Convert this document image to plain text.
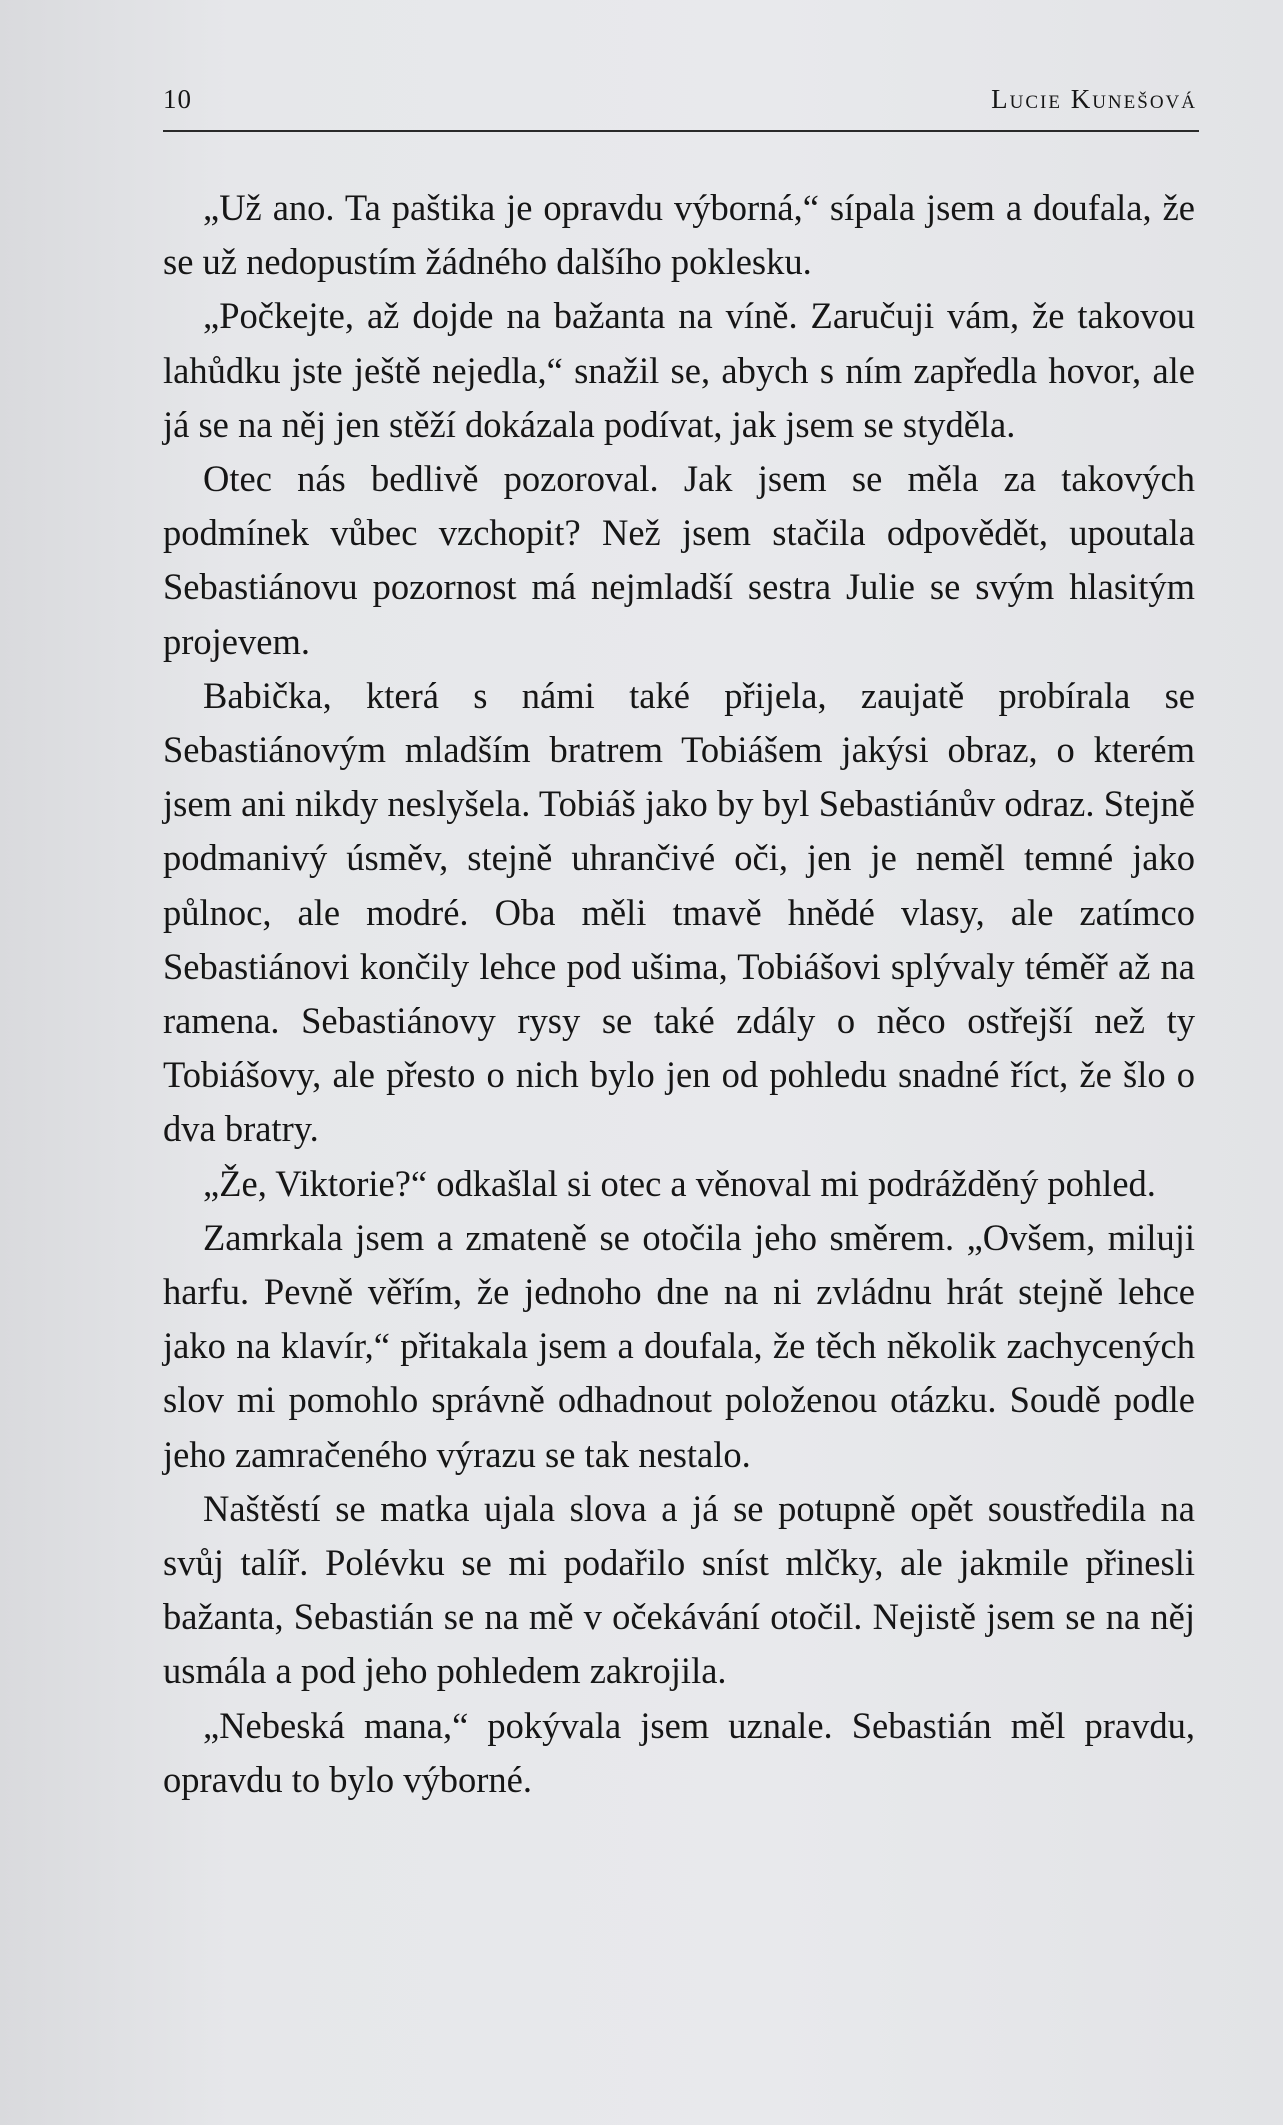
10	Lucie Kunešová

„Už ano. Ta paštika je opravdu výborná,“ sípala jsem a doufala, že se už nedopustím žádného dalšího poklesku.

„Počkejte, až dojde na bažanta na víně. Zaručuji vám, že takovou lahůdku jste ještě nejedla,“ snažil se, abych s ním zapředla hovor, ale já se na něj jen stěží dokázala podívat, jak jsem se styděla.

Otec nás bedlivě pozoroval. Jak jsem se měla za takových podmínek vůbec vzchopit? Než jsem stačila odpovědět, upoutala Sebastiánovu pozornost má nejmladší sestra Julie se svým hlasitým projevem.

Babička, která s námi také přijela, zaujatě probírala se Sebastiánovým mladším bratrem Tobiášem jakýsi obraz, o kterém jsem ani nikdy neslyšela. Tobiáš jako by byl Sebastiánův odraz. Stejně podmanivý úsměv, stejně uhrančivé oči, jen je neměl temné jako půlnoc, ale modré. Oba měli tmavě hnědé vlasy, ale zatímco Sebastiánovi končily lehce pod ušima, Tobiášovi splývaly téměř až na ramena. Sebastiánovy rysy se také zdály o něco ostřejší než ty Tobiášovy, ale přesto o nich bylo jen od pohledu snadné říct, že šlo o dva bratry.

„Že, Viktorie?“ odkašlal si otec a věnoval mi podrážděný pohled.

Zamrkala jsem a zmateně se otočila jeho směrem. „Ovšem, miluji harfu. Pevně věřím, že jednoho dne na ni zvládnu hrát stejně lehce jako na klavír,“ přitakala jsem a doufala, že těch několik zachycených slov mi pomohlo správně odhadnout položenou otázku. Soudě podle jeho zamračeného výrazu se tak nestalo.

Naštěstí se matka ujala slova a já se potupně opět soustředila na svůj talíř. Polévku se mi podařilo sníst mlčky, ale jakmile přinesli bažanta, Sebastián se na mě v očekávání otočil. Nejistě jsem se na něj usmála a pod jeho pohledem zakrojila.

„Nebeská mana,“ pokývala jsem uznale. Sebastián měl pravdu, opravdu to bylo výborné.
